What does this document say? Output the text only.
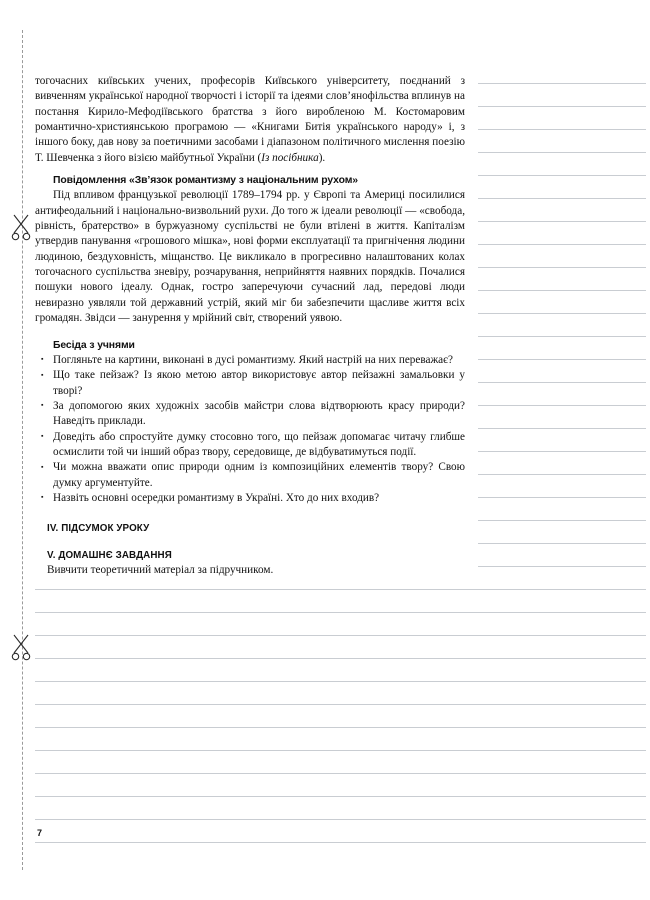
тогочасних київських учених, професорів Київського університету, поєднаний з вивченням української народної творчості і історії та ідеями слов’янофільства вплинув на постання Кирило-Мефодіївського братства з його виробленою М. Костомаровим романтично-християнською програмою — «Книгами Битія українського народу» і, з іншого боку, дав нову за поетичними засобами і діапазоном політичного мислення поезію Т. Шевченка з його візією майбутньої України (Із посібника).

Повідомлення «Зв’язок романтизму з національним рухом»

Під впливом французької революції 1789–1794 рр. у Європі та Америці посилилися антифеодальний і національно-визвольний рухи. До того ж ідеали революції — «свобода, рівність, братерство» в буржуазному суспільстві не були втілені в життя. Капіталізм утвердив панування «грошового мішка», нові форми експлуатації та пригнічення людини людиною, бездуховність, міщанство. Це викликало в прогресивно налаштованих колах тогочасного суспільства зневіру, розчарування, неприйняття наявних порядків. Почалися пошуки нового ідеалу. Однак, гостро заперечуючи сучасний лад, передові люди невиразно уявляли той державний устрій, який міг би забезпечити щасливе життя всіх громадян. Звідси — занурення у мрійний світ, створений уявою.

Бесіда з учнями
▪ Погляньте на картини, виконані в дусі романтизму. Який настрій на них переважає?
▪ Що таке пейзаж? Із якою метою автор використовує автор пейзажні замальовки у творі?
▪ За допомогою яких художніх засобів майстри слова відтворюють красу природи? Наведіть приклади.
▪ Доведіть або спростуйте думку стосовно того, що пейзаж допомагає читачу глибше осмислити той чи інший образ твору, середовище, де відбуватимуться події.
▪ Чи можна вважати опис природи одним із композиційних елементів твору? Свою думку аргументуйте.
▪ Назвіть основні осередки романтизму в Україні. Хто до них входив?
IV. ПІДСУМОК УРОКУ
V. ДОМАШНЄ ЗАВДАННЯ

Вивчити теоретичний матеріал за підручником.

7
